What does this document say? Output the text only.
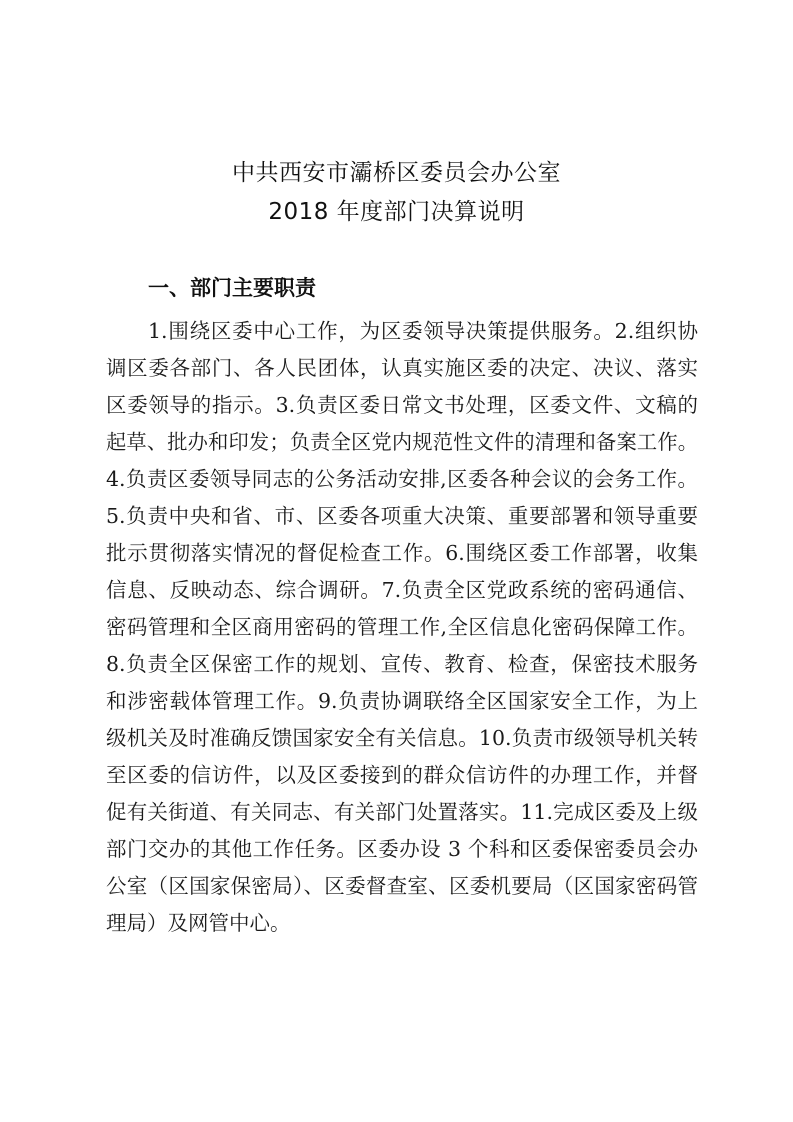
中共西安市灞桥区委员会办公室
2018 年度部门决算说明
一、部门主要职责
1.围绕区委中心工作，为区委领导决策提供服务。2.组织协
调区委各部门、各人民团体，认真实施区委的决定、决议、落实
区委领导的指示。3.负责区委日常文书处理，区委文件、文稿的
起草、批办和印发；负责全区党内规范性文件的清理和备案工作。
4.负责区委领导同志的公务活动安排,区委各种会议的会务工作。
5.负责中央和省、市、区委各项重大决策、重要部署和领导重要
批示贯彻落实情况的督促检查工作。6.围绕区委工作部署，收集
信息、反映动态、综合调研。7.负责全区党政系统的密码通信、
密码管理和全区商用密码的管理工作,全区信息化密码保障工作。
8.负责全区保密工作的规划、宣传、教育、检查，保密技术服务
和涉密载体管理工作。9.负责协调联络全区国家安全工作，为上
级机关及时准确反馈国家安全有关信息。10.负责市级领导机关转
至区委的信访件，以及区委接到的群众信访件的办理工作，并督
促有关街道、有关同志、有关部门处置落实。11.完成区委及上级
部门交办的其他工作任务。区委办设 3 个科和区委保密委员会办
公室（区国家保密局）、区委督查室、区委机要局（区国家密码管
理局）及网管中心。
